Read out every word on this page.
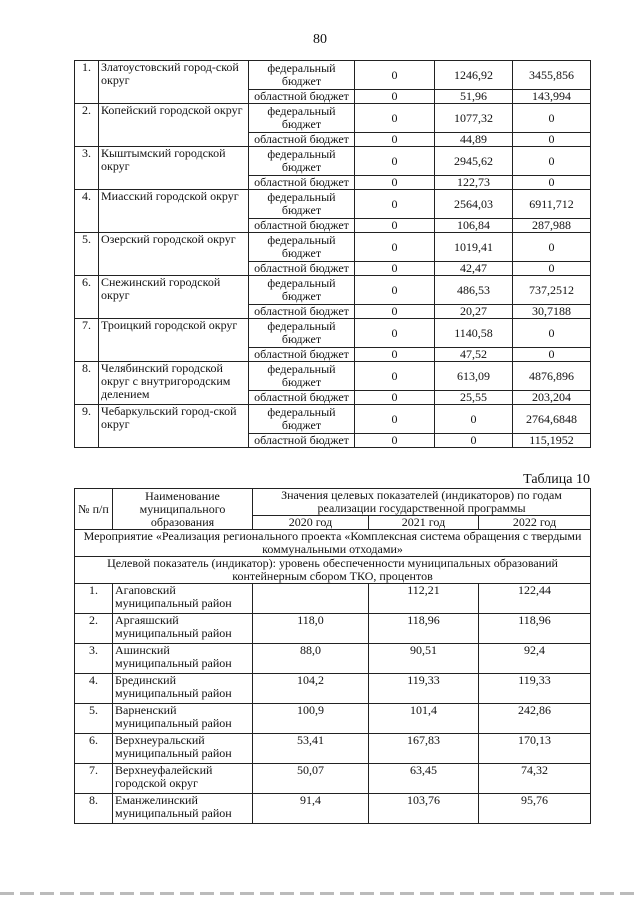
80
1.	Златоустовский город-ской округ	федеральный бюджет	0	1246,92	3455,856
		областной бюджет	0	51,96	143,994
2.	Копейский городской округ	федеральный бюджет	0	1077,32	0
		областной бюджет	0	44,89	0
3.	Кыштымский городской округ	федеральный бюджет	0	2945,62	0
		областной бюджет	0	122,73	0
4.	Миасский городской округ	федеральный бюджет	0	2564,03	6911,712
		областной бюджет	0	106,84	287,988
5.	Озерский городской округ	федеральный бюджет	0	1019,41	0
		областной бюджет	0	42,47	0
6.	Снежинский городской округ	федеральный бюджет	0	486,53	737,2512
		областной бюджет	0	20,27	30,7188
7.	Троицкий городской округ	федеральный бюджет	0	1140,58	0
		областной бюджет	0	47,52	0
8.	Челябинский городской округ с внутригородским делением	федеральный бюджет	0	613,09	4876,896
		областной бюджет	0	25,55	203,204
9.	Чебаркульский город-ской округ	федеральный бюджет	0	0	2764,6848
		областной бюджет	0	0	115,1952
Таблица 10
№ п/п	Наименование муниципального образования	Значения целевых показателей (индикаторов) по годам реализации государственной программы		
		2020 год	2021 год	2022 год
Мероприятие «Реализация регионального проекта «Комплексная система обращения с твердыми коммунальными отходами»				
Целевой показатель (индикатор): уровень обеспеченности муниципальных образований контейнерным сбором ТКО, процентов				
1.	Агаповский муниципальный район		112,21	122,44
2.	Аргаяшский муниципальный район	118,0	118,96	118,96
3.	Ашинский муниципальный район	88,0	90,51	92,4
4.	Брединский муниципальный район	104,2	119,33	119,33
5.	Варненский муниципальный район	100,9	101,4	242,86
6.	Верхнеуральский муниципальный район	53,41	167,83	170,13
7.	Верхнеуфалейский городской округ	50,07	63,45	74,32
8.	Еманжелинский муниципальный район	91,4	103,76	95,76
